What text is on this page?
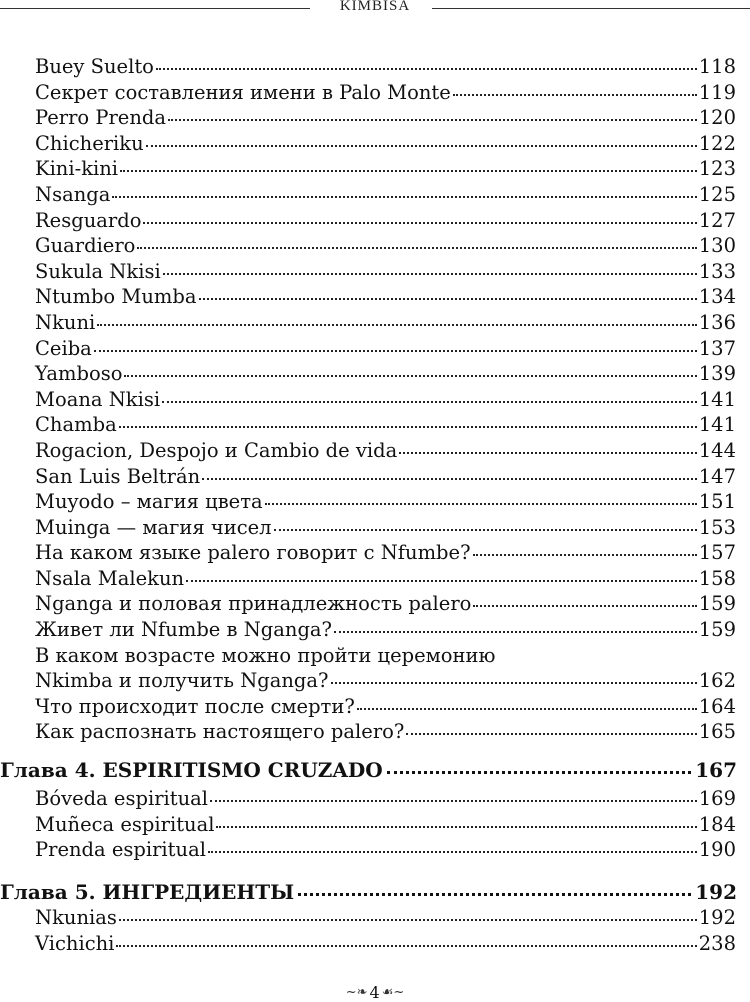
KIMBISA
Buey Suelto	118
Секрет составления имени в Palo Monte	119
Perro Prenda	120
Chicheriku	122
Kini-kini	123
Nsanga	125
Resguardo	127
Guardiero	130
Sukula Nkisi	133
Ntumbo Mumba	134
Nkuni	136
Ceiba	137
Yamboso	139
Moana Nkisi	141
Chamba	141
Rogacion, Despojo и Cambio de vida	144
San Luis Beltrán	147
Muyodo – магия цвета	151
Muinga — магия чисел	153
На каком языке palero говорит с Nfumbe?	157
Nsala Malekun	158
Nganga и половая принадлежность palero	159
Живет ли Nfumbe в Nganga?	159
В каком возрасте можно пройти церемонию
Nkimba и получить Nganga?	162
Что происходит после смерти?	164
Как распознать настоящего palero?	165
Глава 4. ESPIRITISMO CRUZADO	167
Bóveda espiritual	169
Muñeca espiritual	184
Prenda espiritual	190
Глава 5. ИНГРЕДИЕНТЫ	192
Nkunias	192
Vichichi	238
~❧ 4 ☙~
